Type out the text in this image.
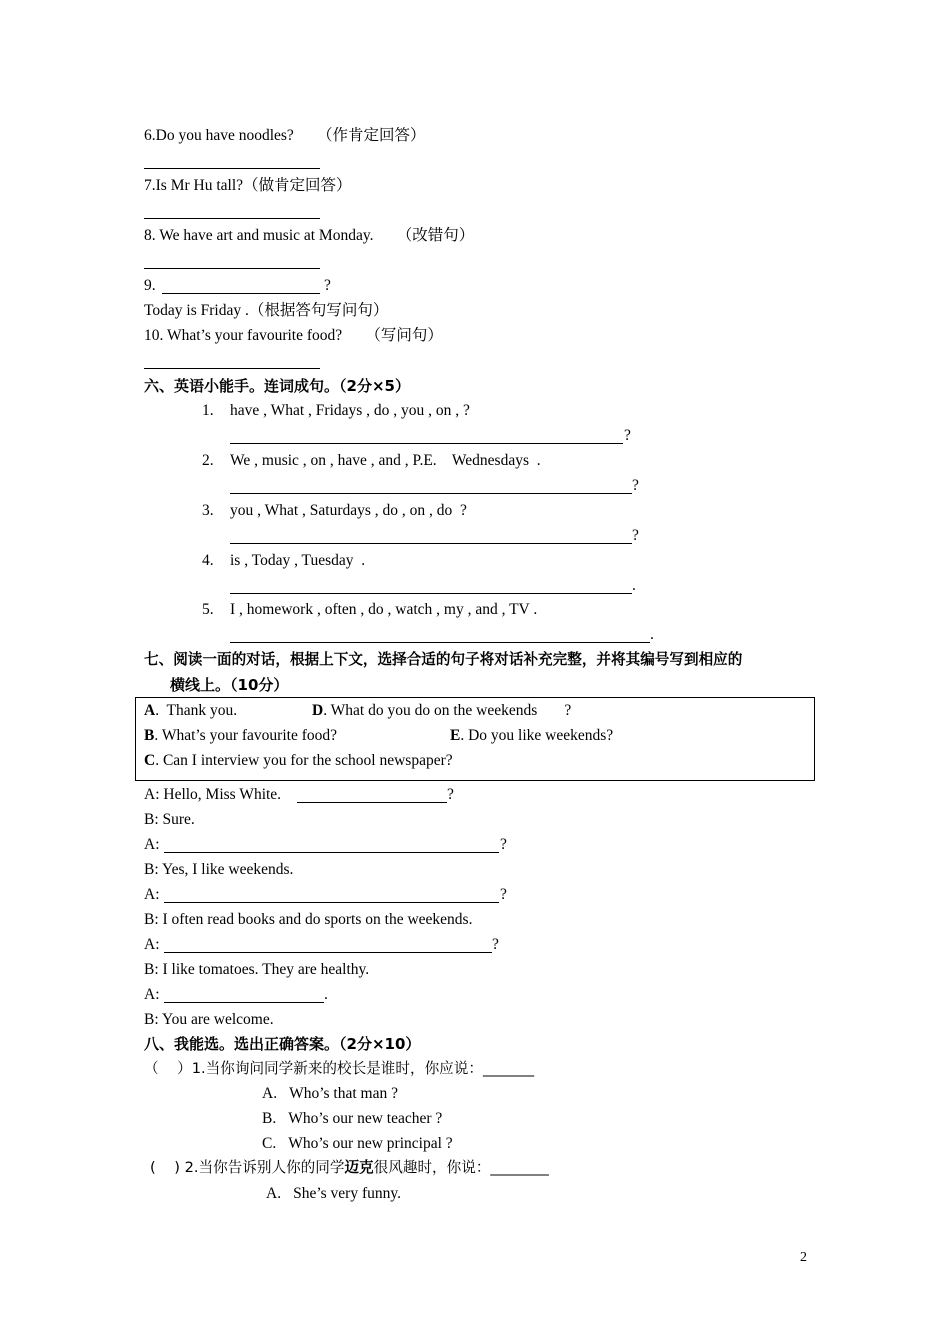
6.Do you have noodles?      （作肯定回答）
7.Is Mr Hu tall?（做肯定回答）
8. We have art and music at Monday.      （改错句）
9.	?
Today is Friday .（根据答句写问句）
10. What’s your favourite food?      （写问句）
六、英语小能手。连词成句。（2分×5）
1. have , What , Fridays , do , you , on , ?
?
2. We , music , on , have , and , P.E.    Wednesdays  .
?
3. you , What , Saturdays , do , on , do  ?
?
4. is , Today , Tuesday  .
.
5. I , homework , often , do , watch , my , and , TV .
.
七、阅读一面的对话，根据上下文，选择合适的句子将对话补充完整，并将其编号写到相应的
横线上。（10分）
A.  Thank you.	D. What do you do on the weekends       ?
B. What’s your favourite food?	E. Do you like weekends?
C. Can I interview you for the school newspaper?
A: Hello, Miss White.	?
B: Sure.
A:	?
B: Yes, I like weekends.
A:	?
B: I often read books and do sports on the weekends.
A:	?
B: I like tomatoes. They are healthy.
A:	.
B: You are welcome.
八、我能选。选出正确答案。（2分×10）
（    ）1.当你询问同学新来的校长是谁时，你应说：_______
A. Who’s that man ?
B. Who’s our new teacher ?
C. Who’s our new principal ?
(    ) 2.当你告诉别人你的同学迈克很风趣时，你说：________
A. She’s very funny.
2
